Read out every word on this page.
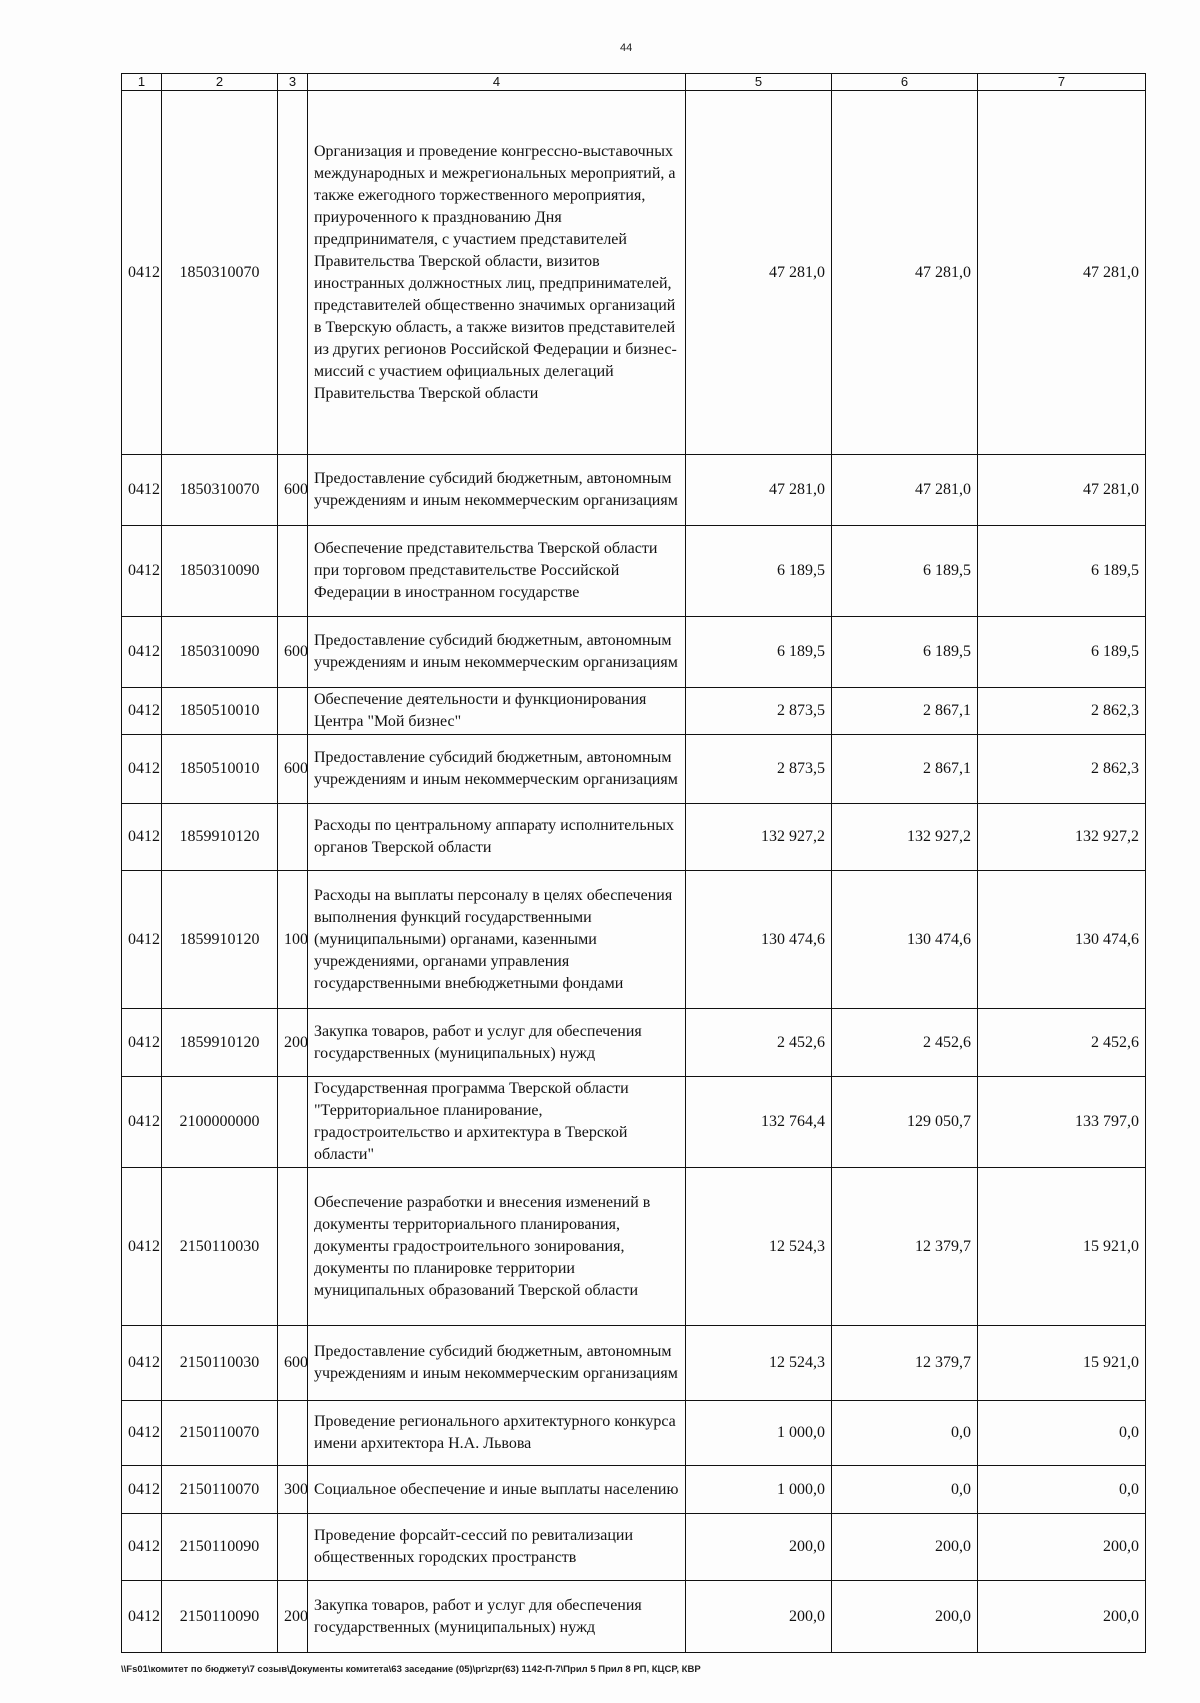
44
1	2	3	4	5	6	7
0412	1850310070		Организация и проведение конгрессно-выставочных международных и межрегиональных мероприятий, а также ежегодного торжественного мероприятия, приуроченного к празднованию Дня предпринимателя, с участием представителей Правительства Тверской области, визитов иностранных должностных лиц, предпринимателей, представителей общественно значимых организаций в Тверскую область, а также визитов представителей из других регионов Российской Федерации и бизнес-миссий с участием официальных делегаций Правительства Тверской области	47 281,0	47 281,0	47 281,0
0412	1850310070	600	Предоставление субсидий бюджетным, автономным учреждениям и иным некоммерческим организациям	47 281,0	47 281,0	47 281,0
0412	1850310090		Обеспечение представительства Тверской области при торговом представительстве Российской Федерации в иностранном государстве	6 189,5	6 189,5	6 189,5
0412	1850310090	600	Предоставление субсидий бюджетным, автономным учреждениям и иным некоммерческим организациям	6 189,5	6 189,5	6 189,5
0412	1850510010		Обеспечение деятельности и функционирования Центра "Мой бизнес"	2 873,5	2 867,1	2 862,3
0412	1850510010	600	Предоставление субсидий бюджетным, автономным учреждениям и иным некоммерческим организациям	2 873,5	2 867,1	2 862,3
0412	1859910120		Расходы по центральному аппарату исполнительных органов Тверской области	132 927,2	132 927,2	132 927,2
0412	1859910120	100	Расходы на выплаты персоналу в целях обеспечения выполнения функций государственными (муниципальными) органами, казенными учреждениями, органами управления государственными внебюджетными фондами	130 474,6	130 474,6	130 474,6
0412	1859910120	200	Закупка товаров, работ и услуг для обеспечения государственных (муниципальных) нужд	2 452,6	2 452,6	2 452,6
0412	2100000000		Государственная программа Тверской области "Территориальное планирование, градостроительство и архитектура в Тверской области"	132 764,4	129 050,7	133 797,0
0412	2150110030		Обеспечение разработки и внесения изменений в документы территориального планирования, документы градостроительного зонирования, документы по планировке территории муниципальных образований Тверской области	12 524,3	12 379,7	15 921,0
0412	2150110030	600	Предоставление субсидий бюджетным, автономным учреждениям и иным некоммерческим организациям	12 524,3	12 379,7	15 921,0
0412	2150110070		Проведение регионального архитектурного конкурса имени архитектора Н.А. Львова	1 000,0	0,0	0,0
0412	2150110070	300	Социальное обеспечение и иные выплаты населению	1 000,0	0,0	0,0
0412	2150110090		Проведение форсайт-сессий по ревитализации общественных городских пространств	200,0	200,0	200,0
0412	2150110090	200	Закупка товаров, работ и услуг для обеспечения государственных (муниципальных) нужд	200,0	200,0	200,0
\\Fs01\комитет по бюджету\7 созыв\Документы комитета\63 заседание (05)\рг\zpr(63) 1142-П-7\Прил 5 Прил 8 РП, КЦСР, КВР
